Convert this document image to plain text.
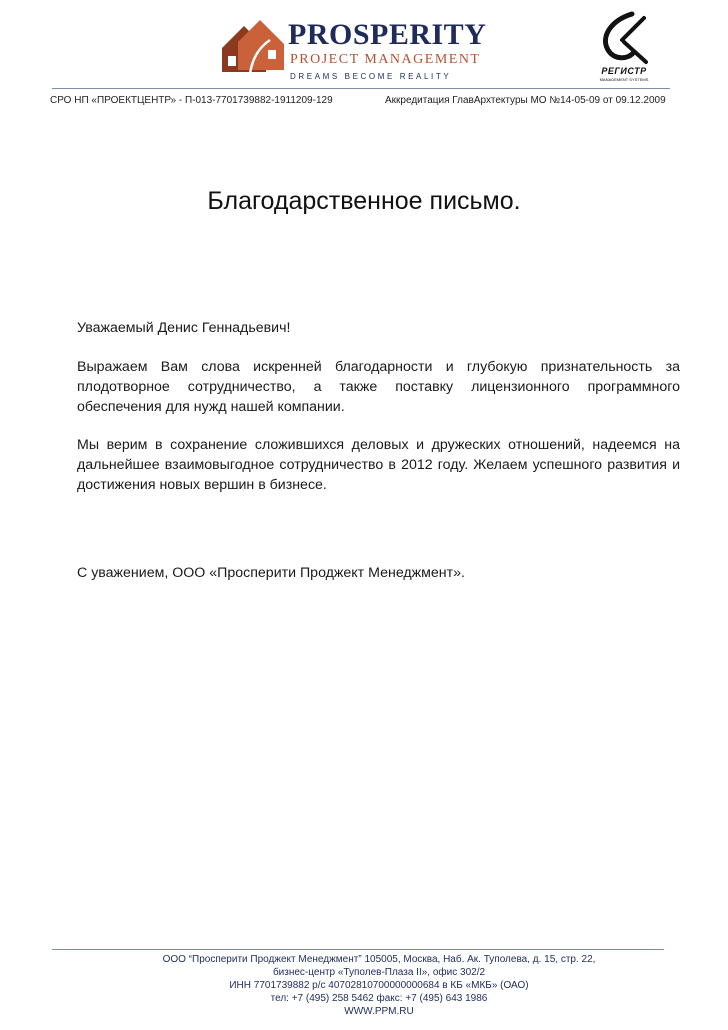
PROSPERITY
PROJECT MANAGEMENT
DREAMS BECOME REALITY
РЕГИСТР
MANAGEMENT SYSTEMS
СРО НП «ПРОЕКТЦЕНТР» - П-013-7701739882-1911209-129	Аккредитация ГлавАрхтектуры МО №14-05-09 от 09.12.2009
Благодарственное письмо.

Уважаемый Денис Геннадьевич!

Выражаем Вам слова искренней благодарности и глубокую признательность за плодотворное сотрудничество, а также поставку лицензионного программного обеспечения для нужд нашей компании.

Мы верим в сохранение сложившихся деловых и дружеских отношений, надеемся на дальнейшее взаимовыгодное сотрудничество в 2012 году. Желаем успешного развития и достижения новых вершин в бизнесе.

С уважением, ООО «Просперити Проджект Менеджмент».

ООО “Просперити Проджект Менеджмент” 105005, Москва, Наб. Ак. Туполева, д. 15, стр. 22,
бизнес-центр «Туполев-Плаза II», офис 302/2
ИНН 7701739882 р/с 40702810700000000684 в КБ «МКБ» (ОАО)
тел: +7 (495) 258 5462 факс: +7 (495) 643 1986
WWW.PPM.RU
